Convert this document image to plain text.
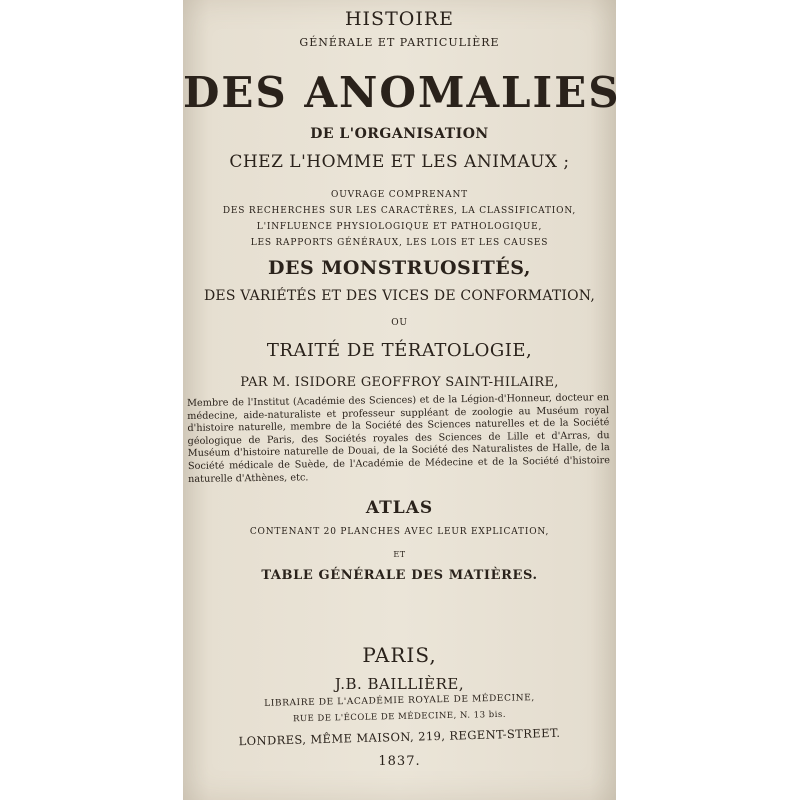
HISTOIRE
GÉNÉRALE ET PARTICULIÈRE
DES ANOMALIES
DE L'ORGANISATION
CHEZ L'HOMME ET LES ANIMAUX ;
OUVRAGE COMPRENANT
DES RECHERCHES SUR LES CARACTÈRES, LA CLASSIFICATION,
L'INFLUENCE PHYSIOLOGIQUE ET PATHOLOGIQUE,
LES RAPPORTS GÉNÉRAUX, LES LOIS ET LES CAUSES
DES MONSTRUOSITÉS,
DES VARIÉTÉS ET DES VICES DE CONFORMATION,
OU
TRAITÉ DE TÉRATOLOGIE,
PAR M. ISIDORE GEOFFROY SAINT-HILAIRE,
Membre de l'Institut (Académie des Sciences) et de la Légion-d'Honneur, docteur en médecine, aide-naturaliste et professeur suppléant de zoologie au Muséum royal d'histoire naturelle, membre de la Société des Sciences naturelles et de la Société géologique de Paris, des Sociétés royales des Sciences de Lille et d'Arras, du Muséum d'histoire naturelle de Douai, de la Société des Naturalistes de Halle, de la Société médicale de Suède, de l'Académie de Médecine et de la Société d'histoire naturelle d'Athènes, etc.
ATLAS
CONTENANT 20 PLANCHES AVEC LEUR EXPLICATION,
ET
TABLE GÉNÉRALE DES MATIÈRES.
PARIS,
J.B. BAILLIÈRE,
LIBRAIRE DE L'ACADÉMIE ROYALE DE MÉDECINE,
RUE DE L'ÉCOLE DE MÉDECINE, N. 13 bis.
LONDRES, MÊME MAISON, 219, REGENT-STREET.
1837.
